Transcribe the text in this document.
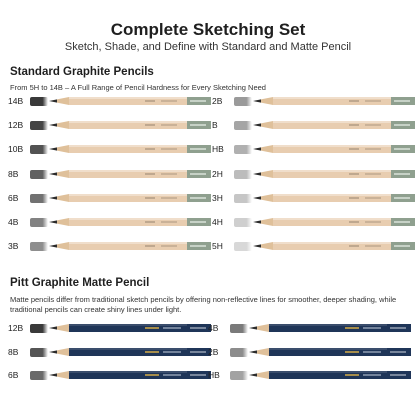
Complete Sketching Set
Sketch, Shade, and Define with Standard and Matte Pencil
Standard Graphite Pencils
From 5H to 14B – A Full Range of Pencil Hardness for Every Sketching Need
14B
12B
10B
8B
6B
4B
3B
2B
B
HB
2H
3H
4H
5H
Pitt Graphite Matte Pencil
Matte pencils differ from traditional sketch pencils by offering non-reflective lines for smoother, deeper shading, while traditional pencils can create shiny lines under light.
12B
8B
6B
4B
2B
HB
